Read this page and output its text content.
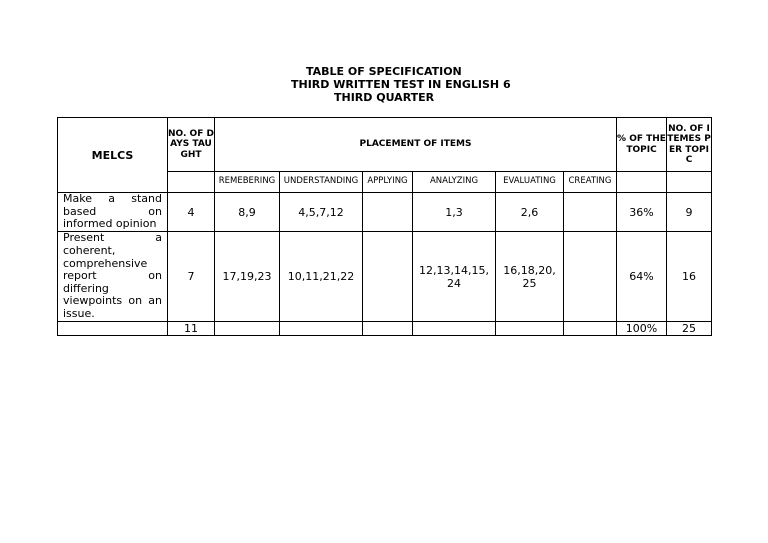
TABLE OF SPECIFICATION
THIRD WRITTEN TEST IN ENGLISH 6
THIRD QUARTER
MELCS	NO. OF DAYS TAUGHT	PLACEMENT OF ITEMS						% OF THE TOPIC	NO. OF ITEMES PER TOPIC
		REMEBERING	UNDERSTANDING	APPLYING	ANALYZING	EVALUATING	CREATING		
Make a stand based on informed opinion	4	8,9	4,5,7,12		1,3	2,6		36%	9
Present a coherent, comprehensive report on differing viewpoints on an issue.	7	17,19,23	10,11,21,22		12,13,14,15, 24	16,18,20, 25		64%	16
	11							100%	25
